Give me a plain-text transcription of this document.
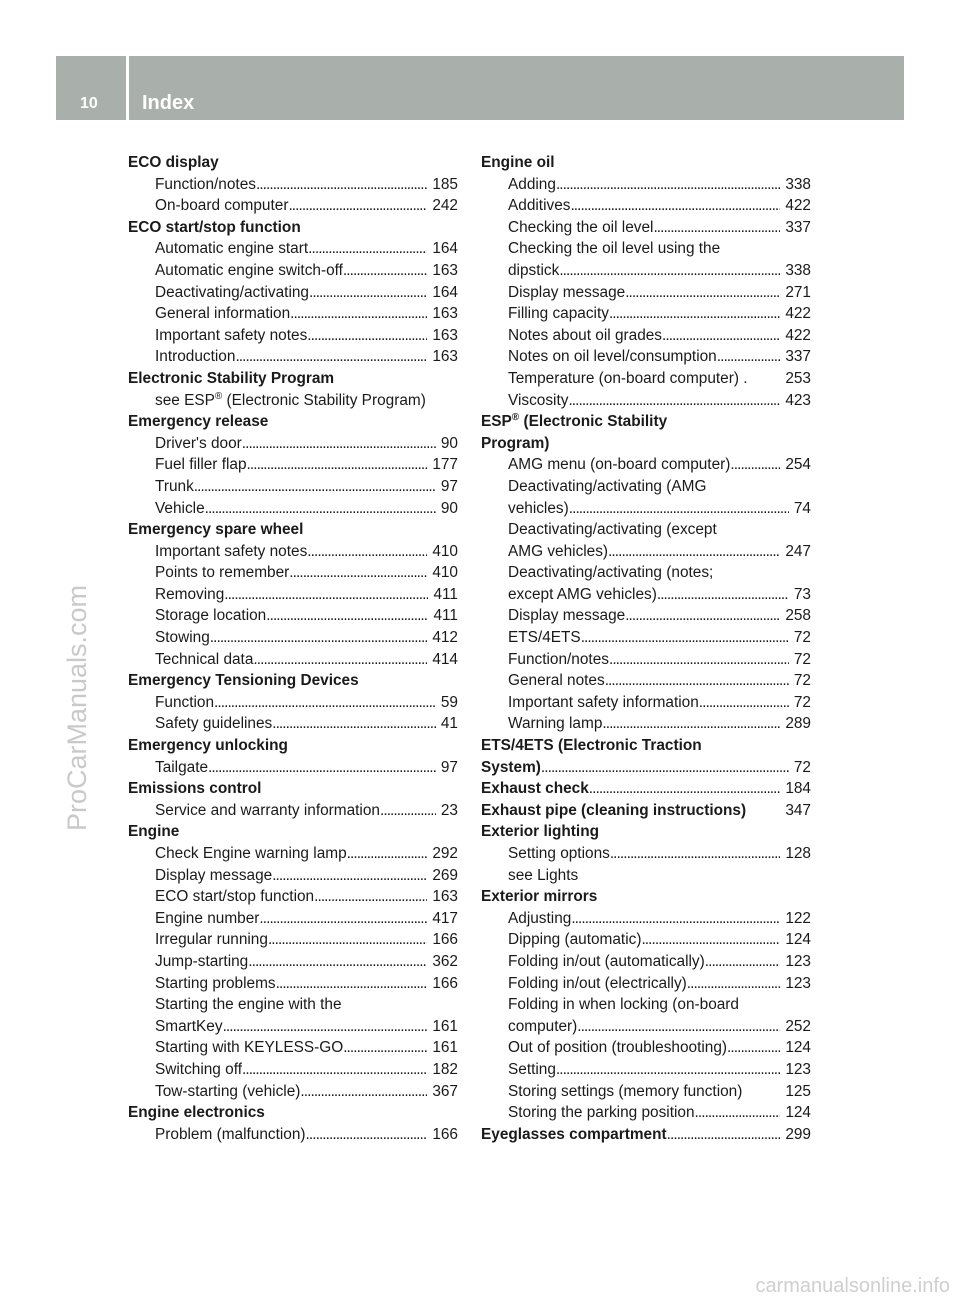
10 Index
ProCarManuals.com
ECO display
Function/notes . . .	185
On-board computer . . .	242
ECO start/stop function
Automatic engine start . . .	164
Automatic engine switch-off . . .	163
Deactivating/activating . . .	164
General information . . .	163
Important safety notes . . .	163
Introduction . . .	163
Electronic Stability Program
see ESP® (Electronic Stability Program)
Emergency release
Driver's door . . .	90
Fuel filler flap . . .	177
Trunk . . .	97
Vehicle . . .	90
Emergency spare wheel
Important safety notes . . .	410
Points to remember . . .	410
Removing . . .	411
Storage location . . .	411
Stowing . . .	412
Technical data . . .	414
Emergency Tensioning Devices
Function . . .	59
Safety guidelines . . .	41
Emergency unlocking
Tailgate . . .	97
Emissions control
Service and warranty information . . .	23
Engine
Check Engine warning lamp . . .	292
Display message . . .	269
ECO start/stop function . . .	163
Engine number . . .	417
Irregular running . . .	166
Jump-starting . . .	362
Starting problems . . .	166
Starting the engine with the
SmartKey . . .	161
Starting with KEYLESS-GO . . .	161
Switching off . . .	182
Tow-starting (vehicle) . . .	367
Engine electronics
Problem (malfunction) . . .	166
Engine oil
Adding . . .	338
Additives . . .	422
Checking the oil level . . .	337
Checking the oil level using the
dipstick . . .	338
Display message . . .	271
Filling capacity . . .	422
Notes about oil grades . . .	422
Notes on oil level/consumption . . .	337
Temperature (on-board computer) .	253
Viscosity . . .	423
ESP® (Electronic Stability
Program)
AMG menu (on-board computer) . . .	254
Deactivating/activating (AMG
vehicles) . . .	74
Deactivating/activating (except
AMG vehicles) . . .	247
Deactivating/activating (notes;
except AMG vehicles) . . .	73
Display message . . .	258
ETS/4ETS . . .	72
Function/notes . . .	72
General notes . . .	72
Important safety information . . .	72
Warning lamp . . .	289
ETS/4ETS (Electronic Traction
System) . . .	72
Exhaust check . . .	184
Exhaust pipe (cleaning instructions)	347
Exterior lighting
Setting options . . .	128
see Lights
Exterior mirrors
Adjusting . . .	122
Dipping (automatic) . . .	124
Folding in/out (automatically) . . .	123
Folding in/out (electrically) . . .	123
Folding in when locking (on-board
computer) . . .	252
Out of position (troubleshooting) . . .	124
Setting . . .	123
Storing settings (memory function)	125
Storing the parking position . . .	124
Eyeglasses compartment . . .	299
carmanualsonline.info
